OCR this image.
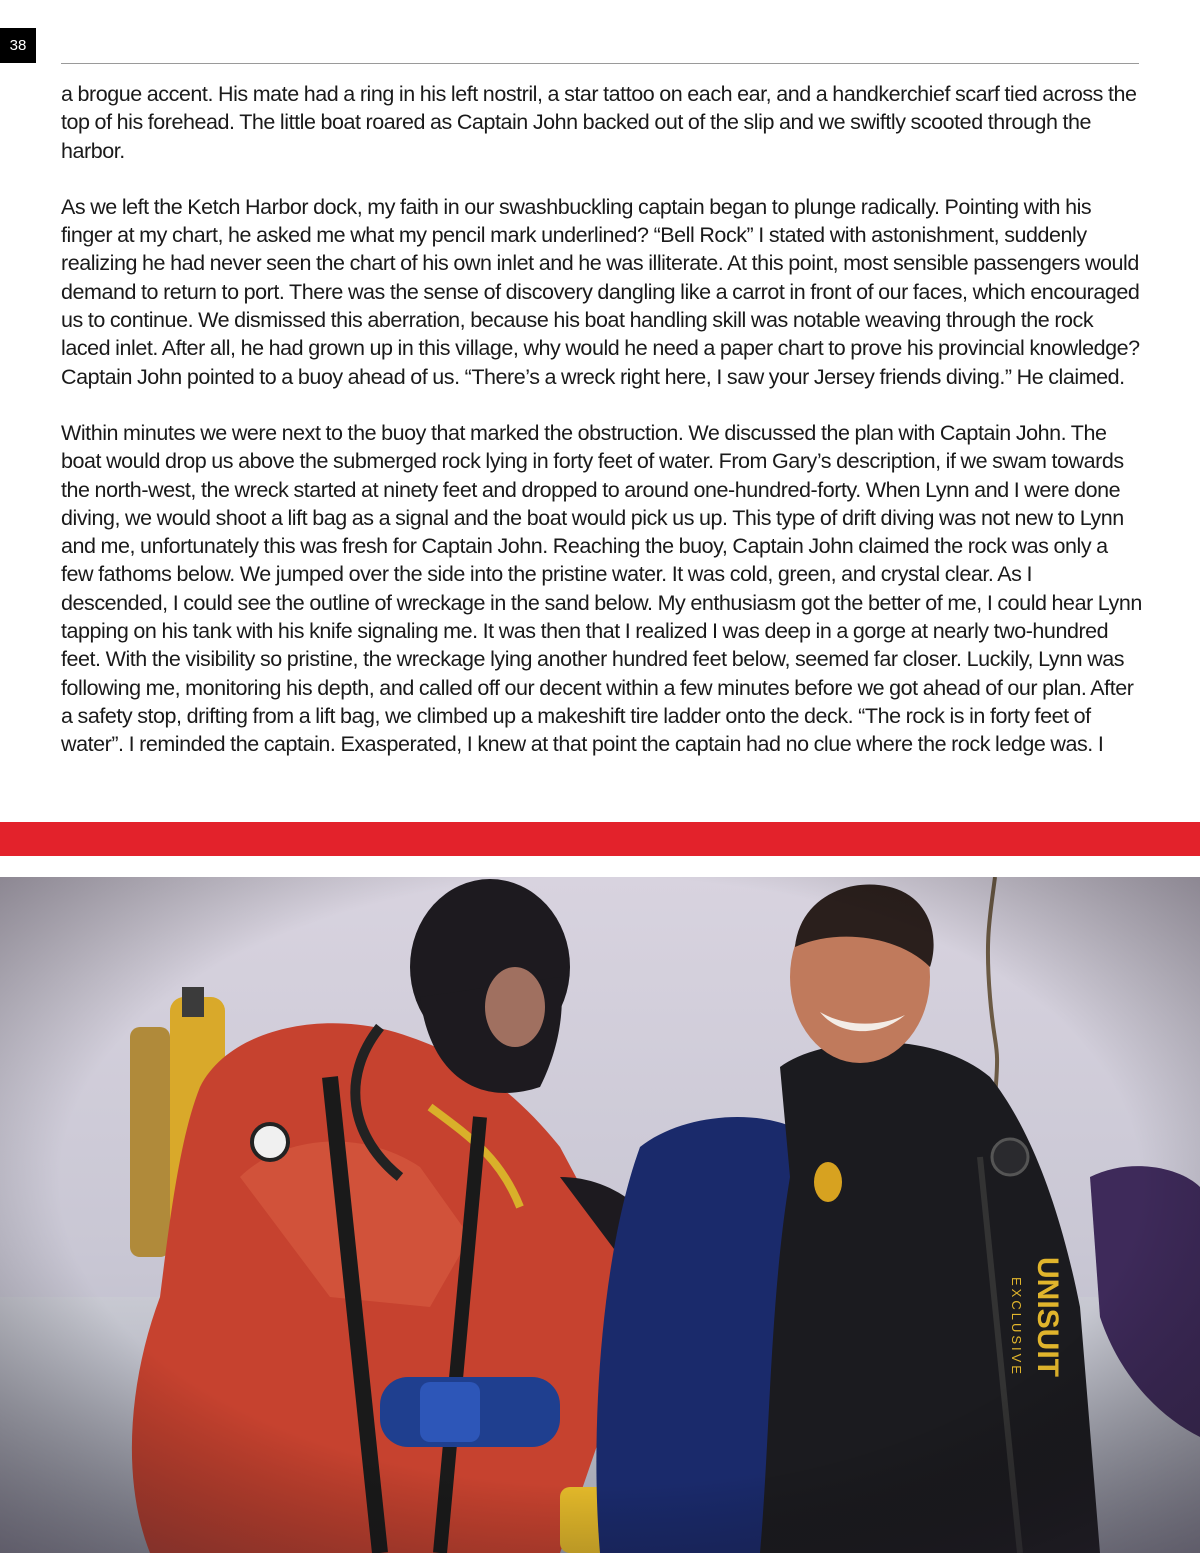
38

a brogue accent. His mate had a ring in his left nostril, a star tattoo on each ear, and a handkerchief scarf tied across the top of his forehead. The little boat roared as Captain John backed out of the slip and we swiftly scooted through the harbor.

As we left the Ketch Harbor dock, my faith in our swashbuckling captain began to plunge radically. Pointing with his finger at my chart, he asked me what my pencil mark underlined? “Bell Rock” I stated with astonishment, suddenly realizing he had never seen the chart of his own inlet and he was illiterate. At this point, most sensible passengers would demand to return to port. There was the sense of discovery dangling like a carrot in front of our faces, which encouraged us to continue. We dismissed this aberration, because his boat handling skill was notable weaving through the rock laced inlet. After all, he had grown up in this village, why would he need a paper chart to prove his provincial knowledge? Captain John pointed to a buoy ahead of us. “There’s a wreck right here, I saw your Jersey friends diving.” He claimed.

Within minutes we were next to the buoy that marked the obstruction. We discussed the plan with Captain John. The boat would drop us above the submerged rock lying in forty feet of water. From Gary’s description, if we swam towards the north-west, the wreck started at ninety feet and dropped to around one-hundred-forty. When Lynn and I were done diving, we would shoot a lift bag as a signal and the boat would pick us up. This type of drift diving was not new to Lynn and me, unfortunately this was fresh for Captain John. Reaching the buoy, Captain John claimed the rock was only a few fathoms below. We jumped over the side into the pristine water. It was cold, green, and crystal clear. As I descended, I could see the outline of wreckage in the sand below. My enthusiasm got the better of me, I could hear Lynn tapping on his tank with his knife signaling me. It was then that I realized I was deep in a gorge at nearly two-hundred feet. With the visibility so pristine, the wreckage lying another hundred feet below, seemed far closer. Luckily, Lynn was following me, monitoring his depth, and called off our decent within a few minutes before we got ahead of our plan. After a safety stop, drifting from a lift bag, we climbed up a makeshift tire ladder onto the deck. “The rock is in forty feet of water”. I reminded the captain. Exasperated, I knew at that point the captain had no clue where the rock ledge was. I
